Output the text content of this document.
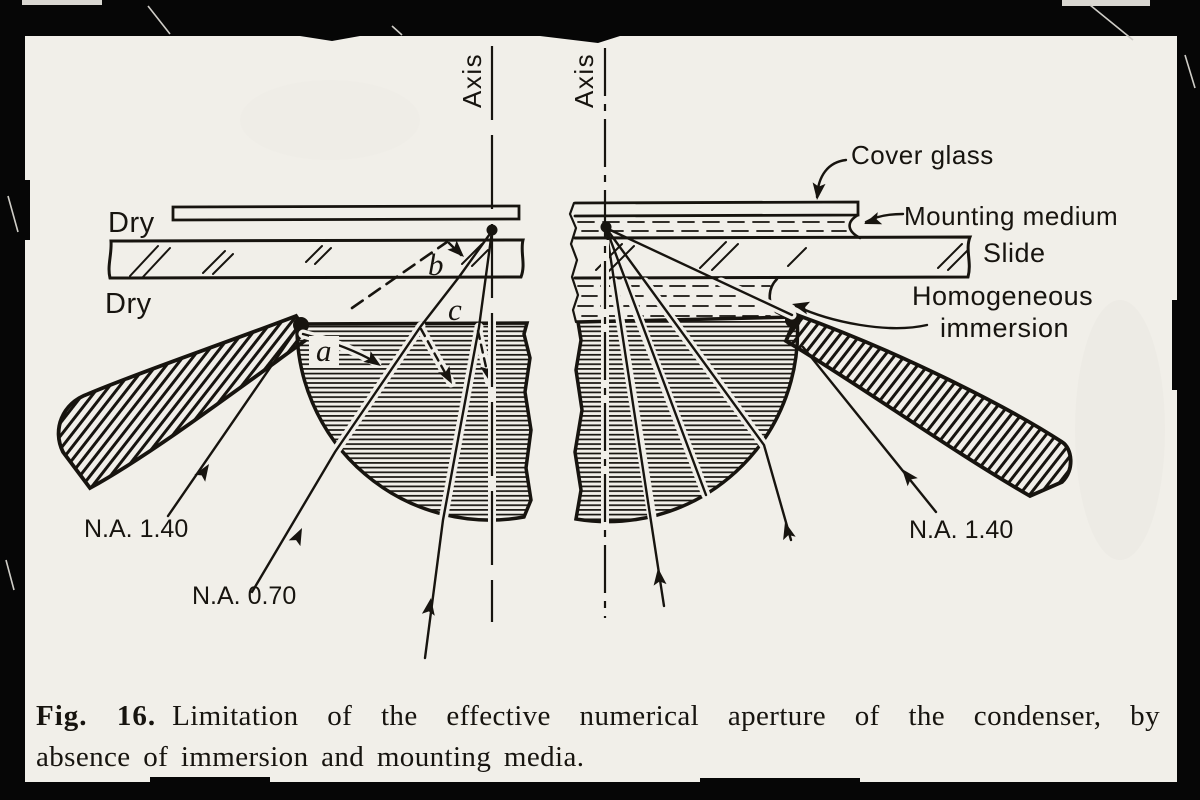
Dry
Dry
a
b
c
N.A. 1.40
N.A. 0.70
Cover glass
Mounting medium
Slide
Homogeneous
immersion
N.A. 1.40
Axis	Axis
Fig. 16. Limitation of the effective numerical aperture of the condenser, by
absence of immersion and mounting media.
